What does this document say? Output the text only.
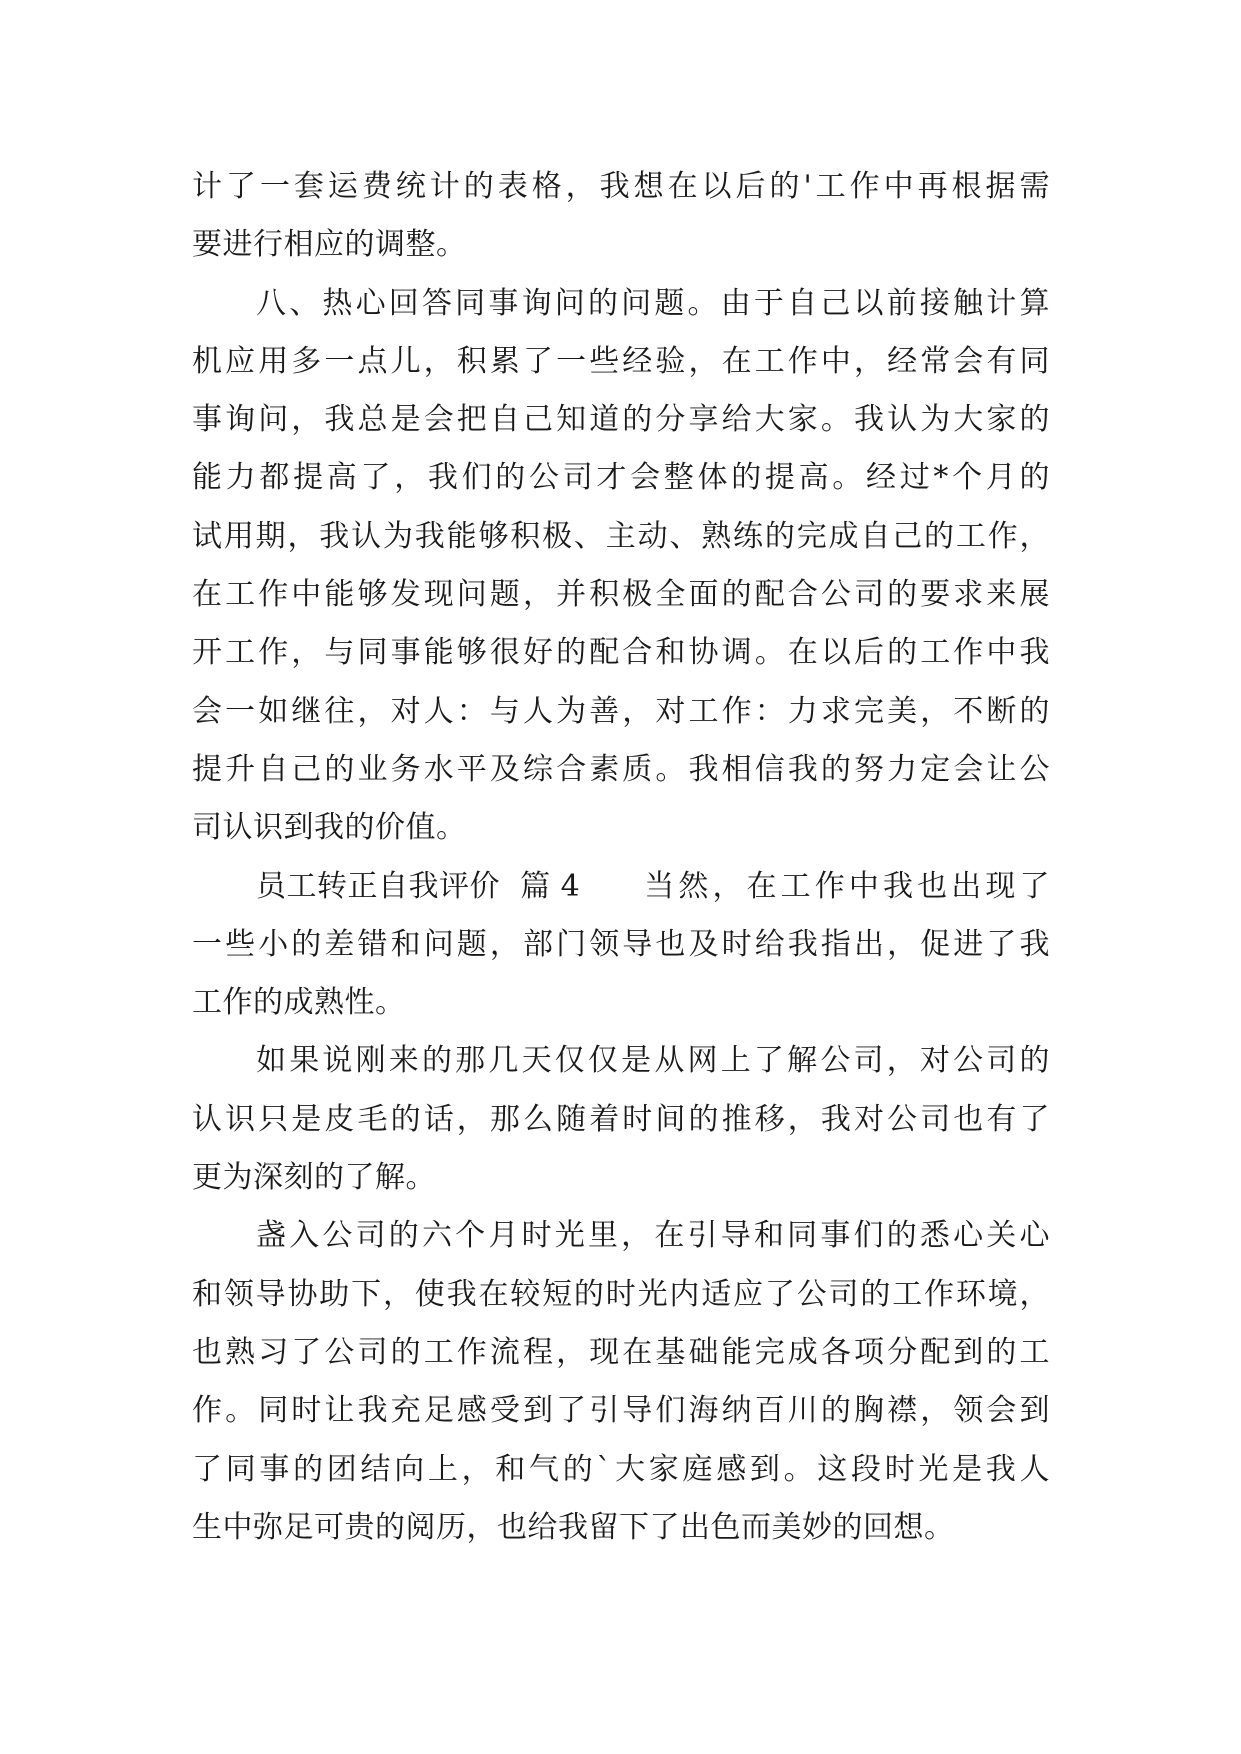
计了一套运费统计的表格，我想在以后的'工作中再根据需
要进行相应的调整。
八、热心回答同事询问的问题。由于自己以前接触计算
机应用多一点儿，积累了一些经验，在工作中，经常会有同
事询问，我总是会把自己知道的分享给大家。我认为大家的
能力都提高了，我们的公司才会整体的提高。经过*个月的
试用期，我认为我能够积极、主动、熟练的完成自己的工作，
在工作中能够发现问题，并积极全面的配合公司的要求来展
开工作，与同事能够很好的配合和协调。在以后的工作中我
会一如继往，对人：与人为善，对工作：力求完美，不断的
提升自己的业务水平及综合素质。我相信我的努力定会让公
司认识到我的价值。
员工转正自我评价  篇 4 当然，在工作中我也出现了
一些小的差错和问题，部门领导也及时给我指出，促进了我
工作的成熟性。
如果说刚来的那几天仅仅是从网上了解公司，对公司的
认识只是皮毛的话，那么随着时间的推移，我对公司也有了
更为深刻的了解。
盏入公司的六个月时光里，在引导和同事们的悉心关心
和领导协助下，使我在较短的时光内适应了公司的工作环境，
也熟习了公司的工作流程，现在基础能完成各项分配到的工
作。同时让我充足感受到了引导们海纳百川的胸襟，领会到
了同事的团结向上，和气的`大家庭感到。这段时光是我人
生中弥足可贵的阅历，也给我留下了出色而美妙的回想。
